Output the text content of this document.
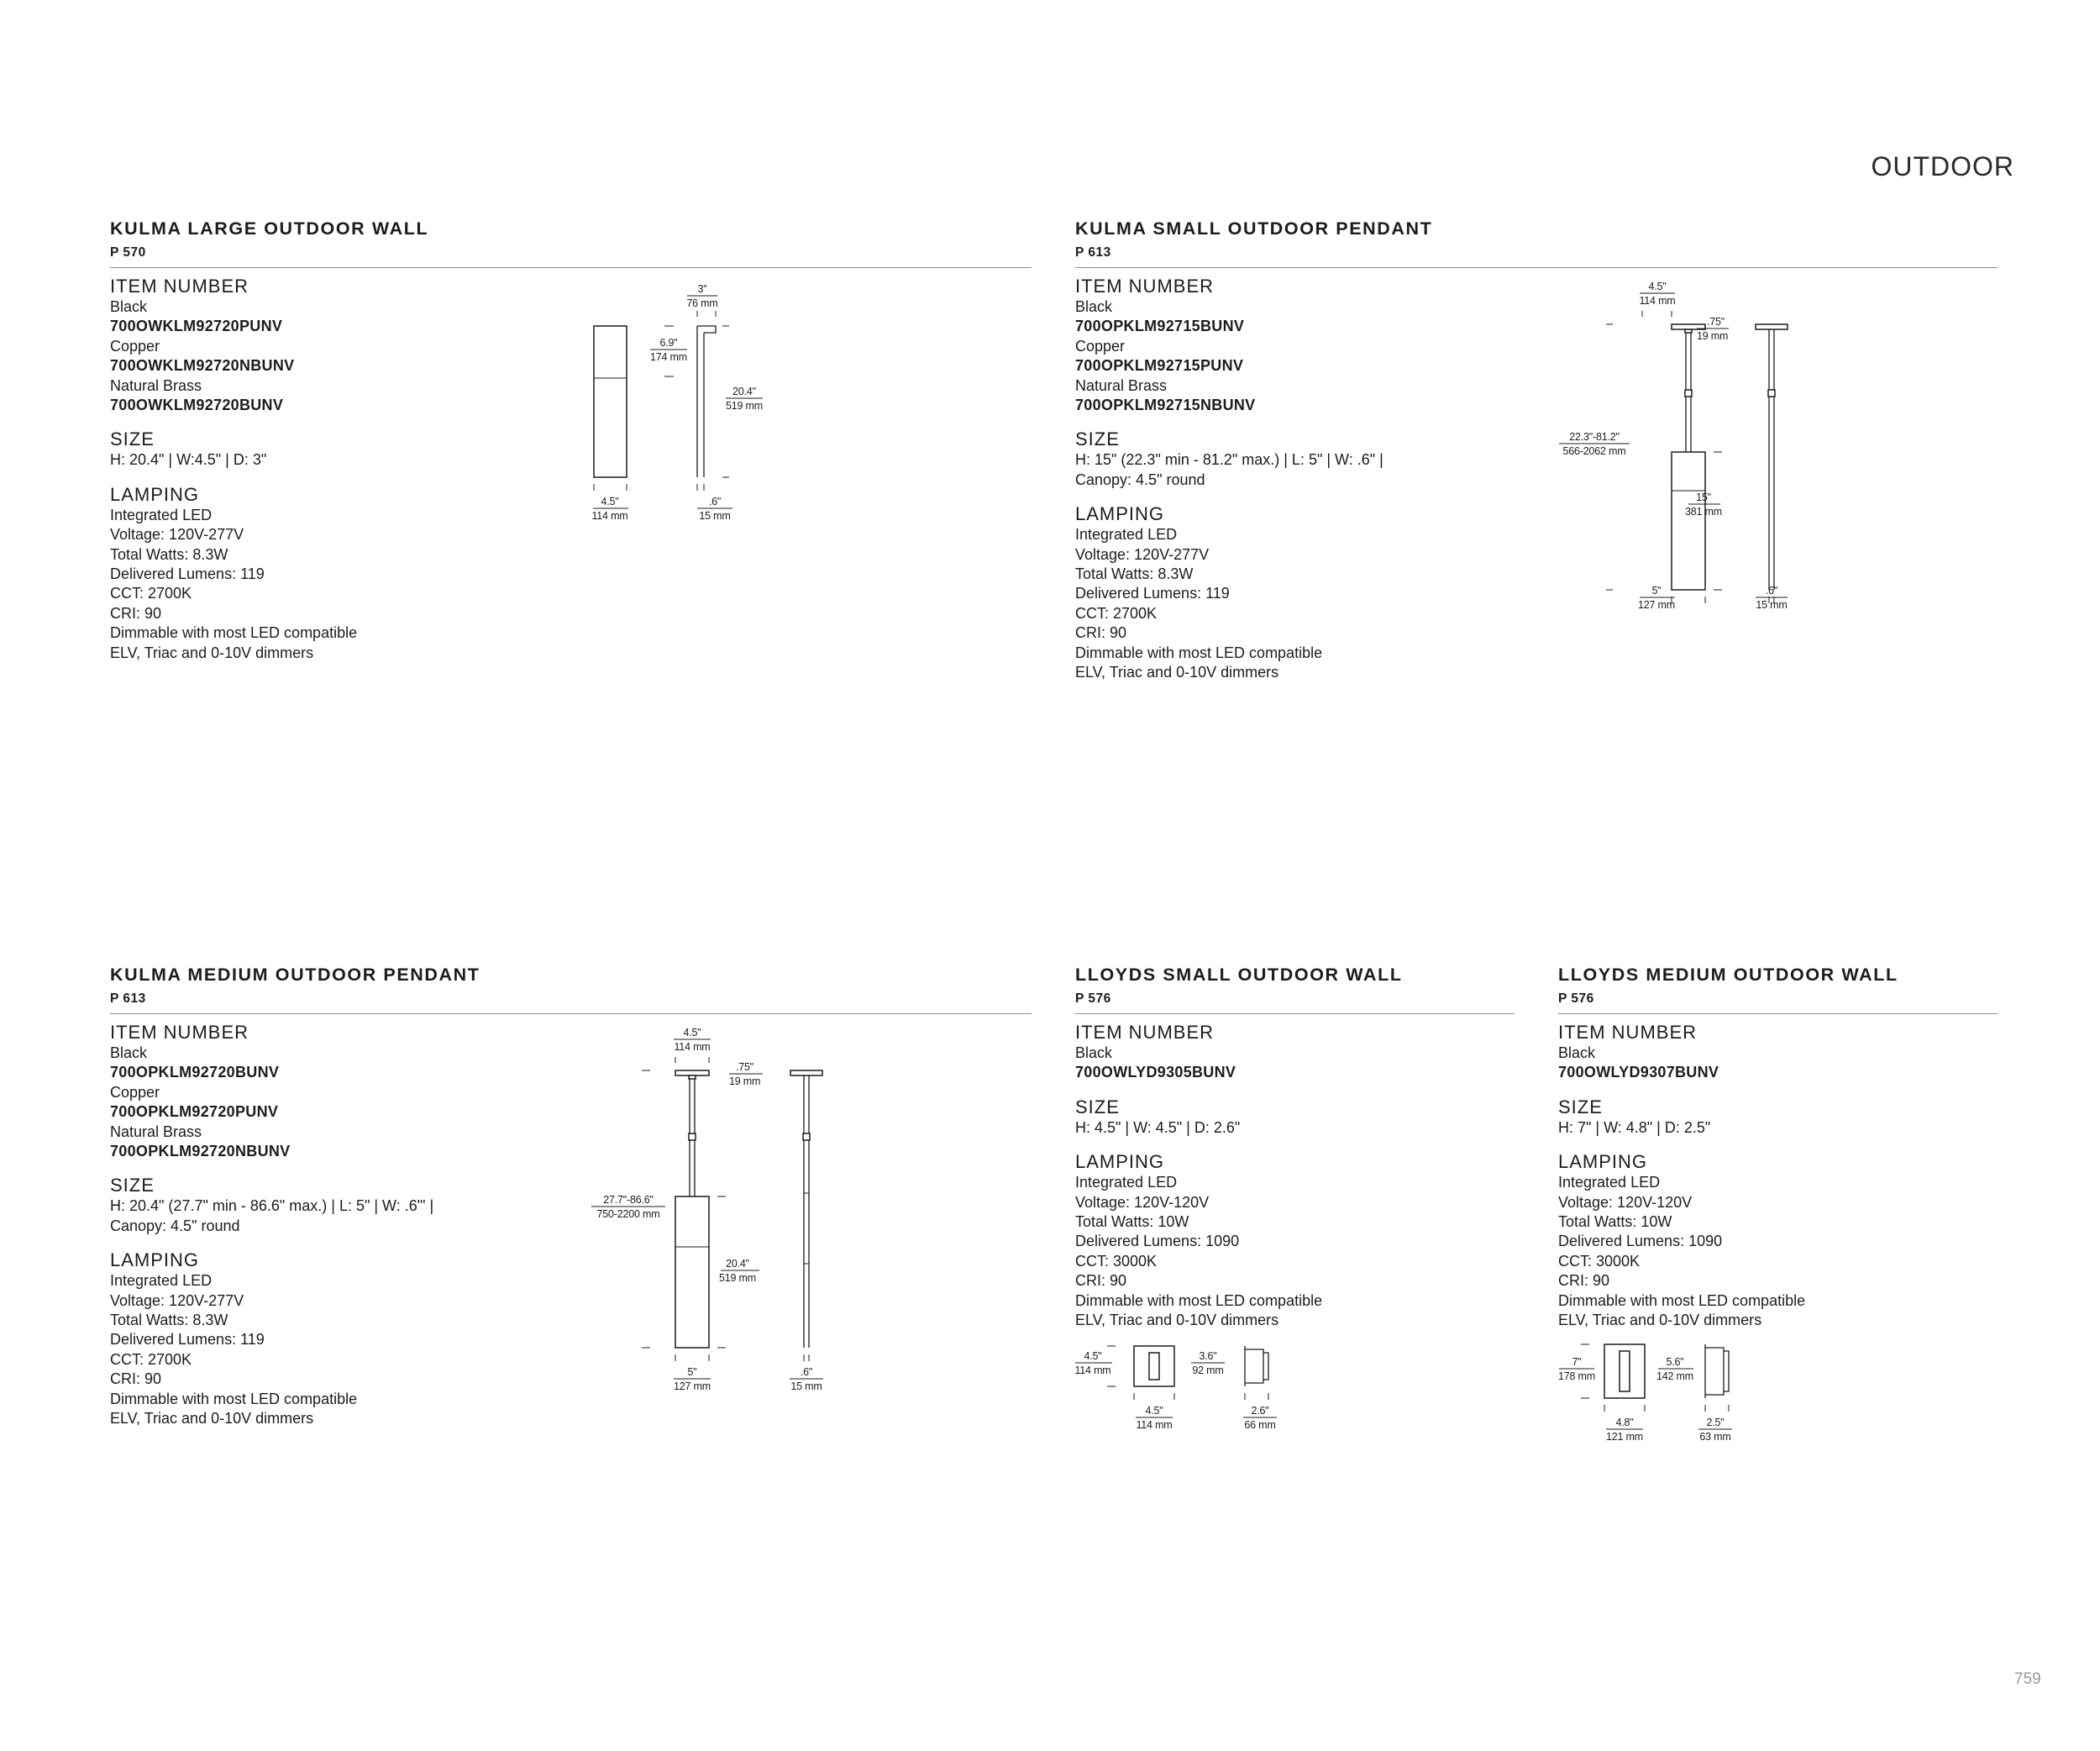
OUTDOOR
759
KULMA LARGE OUTDOOR WALL
P 570
ITEM NUMBER
Black
700OWKLM92720PUNV
Copper
700OWKLM92720NBUNV
Natural Brass
700OWKLM92720BUNV
SIZE
H: 20.4" | W:4.5" | D: 3"
LAMPING
Integrated LED
Voltage: 120V-277V
Total Watts: 8.3W
Delivered Lumens: 119
CCT: 2700K
CRI: 90
Dimmable with most LED compatible
ELV, Triac and 0-10V dimmers
3"
76 mm
6.9"
174 mm
20.4"
519 mm
4.5"
114 mm
.6"
15 mm
KULMA SMALL OUTDOOR PENDANT
P 613
ITEM NUMBER
Black
700OPKLM92715BUNV
Copper
700OPKLM92715PUNV
Natural Brass
700OPKLM92715NBUNV
SIZE
H: 15" (22.3" min - 81.2" max.) | L: 5" | W: .6" |
Canopy: 4.5" round
LAMPING
Integrated LED
Voltage: 120V-277V
Total Watts: 8.3W
Delivered Lumens: 119
CCT: 2700K
CRI: 90
Dimmable with most LED compatible
ELV, Triac and 0-10V dimmers
4.5"
114 mm
.75"
19 mm
22.3"-81.2"
566-2062 mm
15"
381 mm
5"
127 mm
.6"
15 mm
KULMA MEDIUM OUTDOOR PENDANT
P 613
ITEM NUMBER
Black
700OPKLM92720BUNV
Copper
700OPKLM92720PUNV
Natural Brass
700OPKLM92720NBUNV
SIZE
H: 20.4" (27.7" min - 86.6" max.) | L: 5" | W: .6"' |
Canopy: 4.5" round
LAMPING
Integrated LED
Voltage: 120V-277V
Total Watts: 8.3W
Delivered Lumens: 119
CCT: 2700K
CRI: 90
Dimmable with most LED compatible
ELV, Triac and 0-10V dimmers
4.5"
114 mm
.75"
19 mm
27.7"-86.6"
750-2200 mm
20.4"
519 mm
5"
127 mm
.6"
15 mm
LLOYDS SMALL OUTDOOR WALL
P 576
ITEM NUMBER
Black
700OWLYD9305BUNV
SIZE
H: 4.5" | W: 4.5" | D: 2.6"
LAMPING
Integrated LED
Voltage: 120V-120V
Total Watts: 10W
Delivered Lumens: 1090
CCT: 3000K
CRI: 90
Dimmable with most LED compatible
ELV, Triac and 0-10V dimmers
4.5"
114 mm
4.5"
114 mm
3.6"
92 mm
2.6"
66 mm
LLOYDS MEDIUM OUTDOOR WALL
P 576
ITEM NUMBER
Black
700OWLYD9307BUNV
SIZE
H: 7" | W: 4.8" | D: 2.5"
LAMPING
Integrated LED
Voltage: 120V-120V
Total Watts: 10W
Delivered Lumens: 1090
CCT: 3000K
CRI: 90
Dimmable with most LED compatible
ELV, Triac and 0-10V dimmers
7"
178 mm
4.8"
121 mm
5.6"
142 mm
2.5"
63 mm
